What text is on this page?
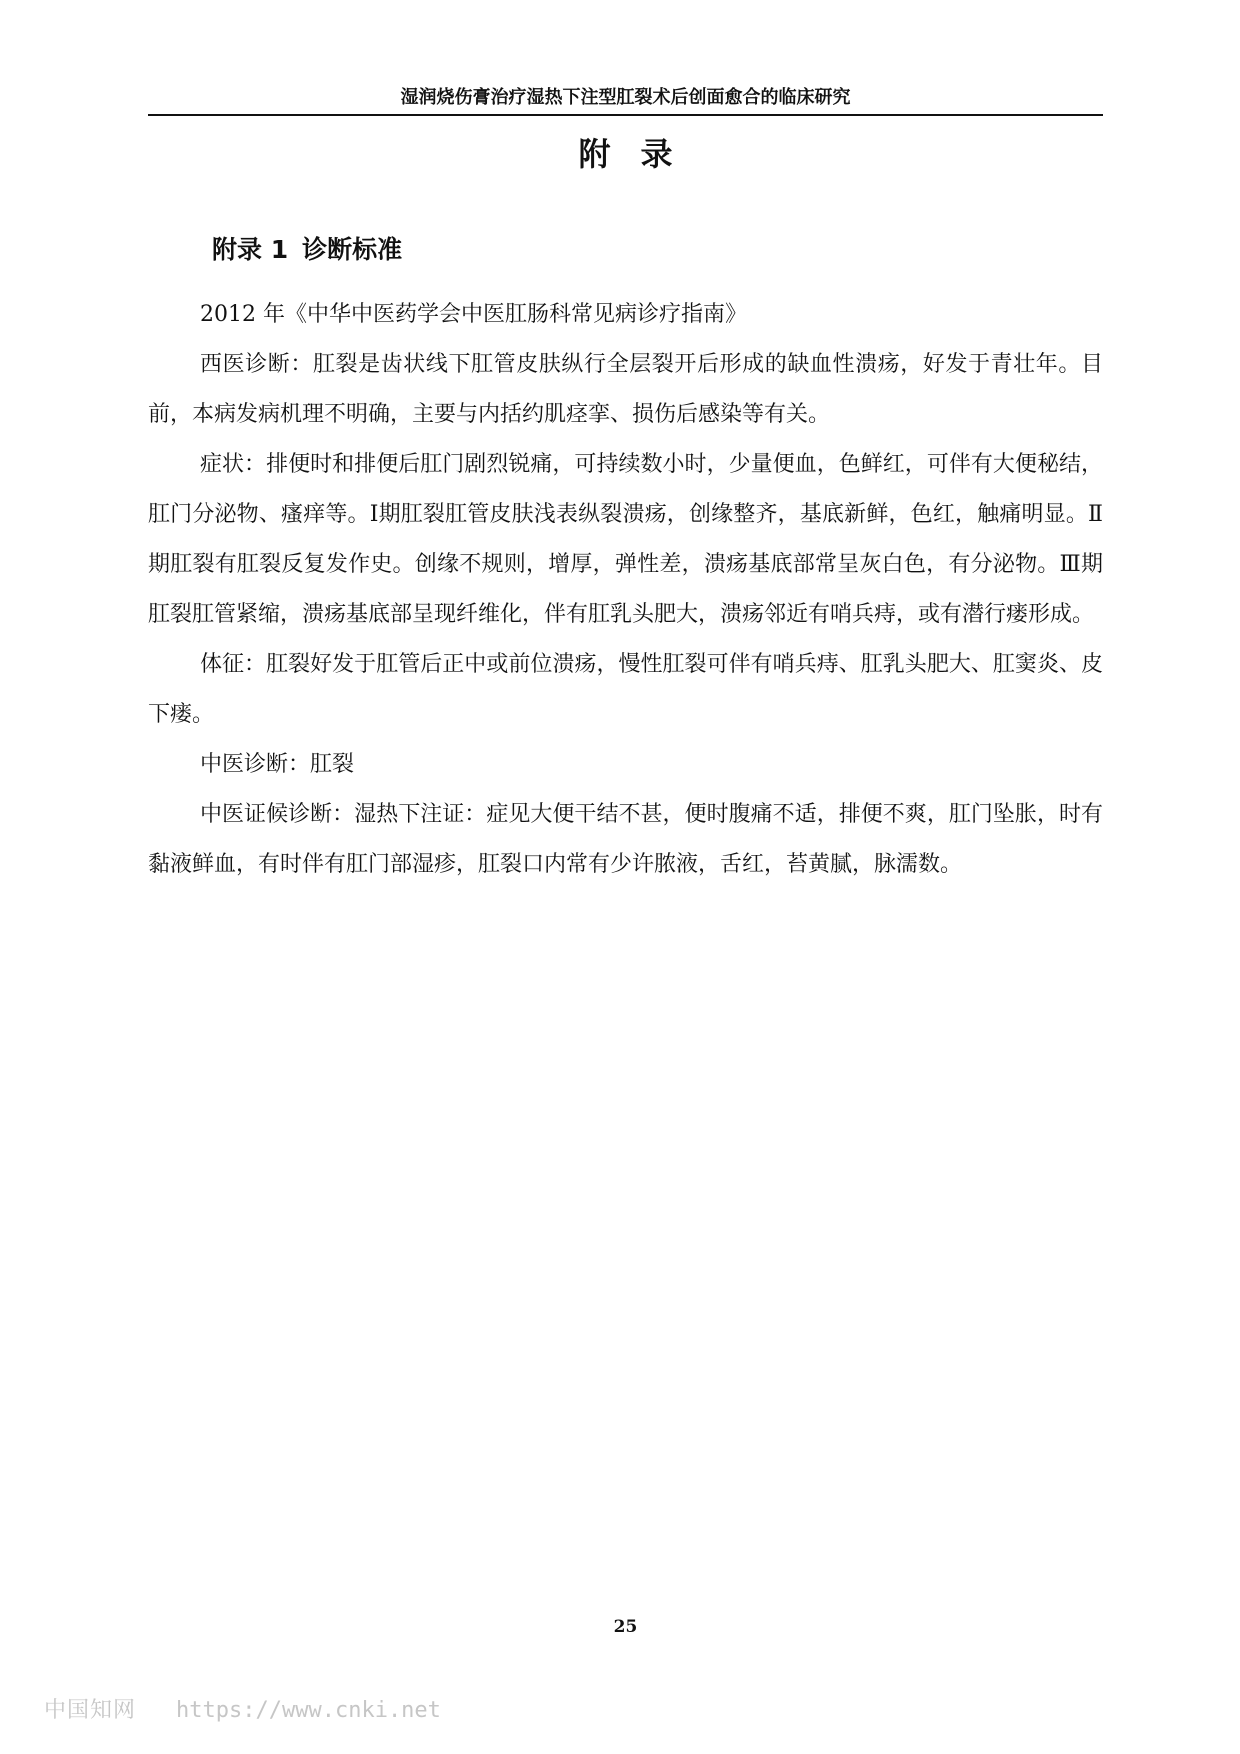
湿润烧伤膏治疗湿热下注型肛裂术后创面愈合的临床研究
附录
附录 1 诊断标准

2012 年《中华中医药学会中医肛肠科常见病诊疗指南》

西医诊断：肛裂是齿状线下肛管皮肤纵行全层裂开后形成的缺血性溃疡，好发于青壮年。目前，本病发病机理不明确，主要与内括约肌痉挛、损伤后感染等有关。

症状：排便时和排便后肛门剧烈锐痛，可持续数小时，少量便血，色鲜红，可伴有大便秘结，肛门分泌物、瘙痒等。Ⅰ期肛裂肛管皮肤浅表纵裂溃疡，创缘整齐，基底新鲜，色红，触痛明显。Ⅱ期肛裂有肛裂反复发作史。创缘不规则，增厚，弹性差，溃疡基底部常呈灰白色，有分泌物。Ⅲ期肛裂肛管紧缩，溃疡基底部呈现纤维化，伴有肛乳头肥大，溃疡邻近有哨兵痔，或有潜行瘘形成。

体征：肛裂好发于肛管后正中或前位溃疡，慢性肛裂可伴有哨兵痔、肛乳头肥大、肛窦炎、皮下瘘。

中医诊断：肛裂

中医证候诊断：湿热下注证：症见大便干结不甚，便时腹痛不适，排便不爽，肛门坠胀，时有黏液鲜血，有时伴有肛门部湿疹，肛裂口内常有少许脓液，舌红，苔黄腻，脉濡数。

25
中国知网 https://www.cnki.net
